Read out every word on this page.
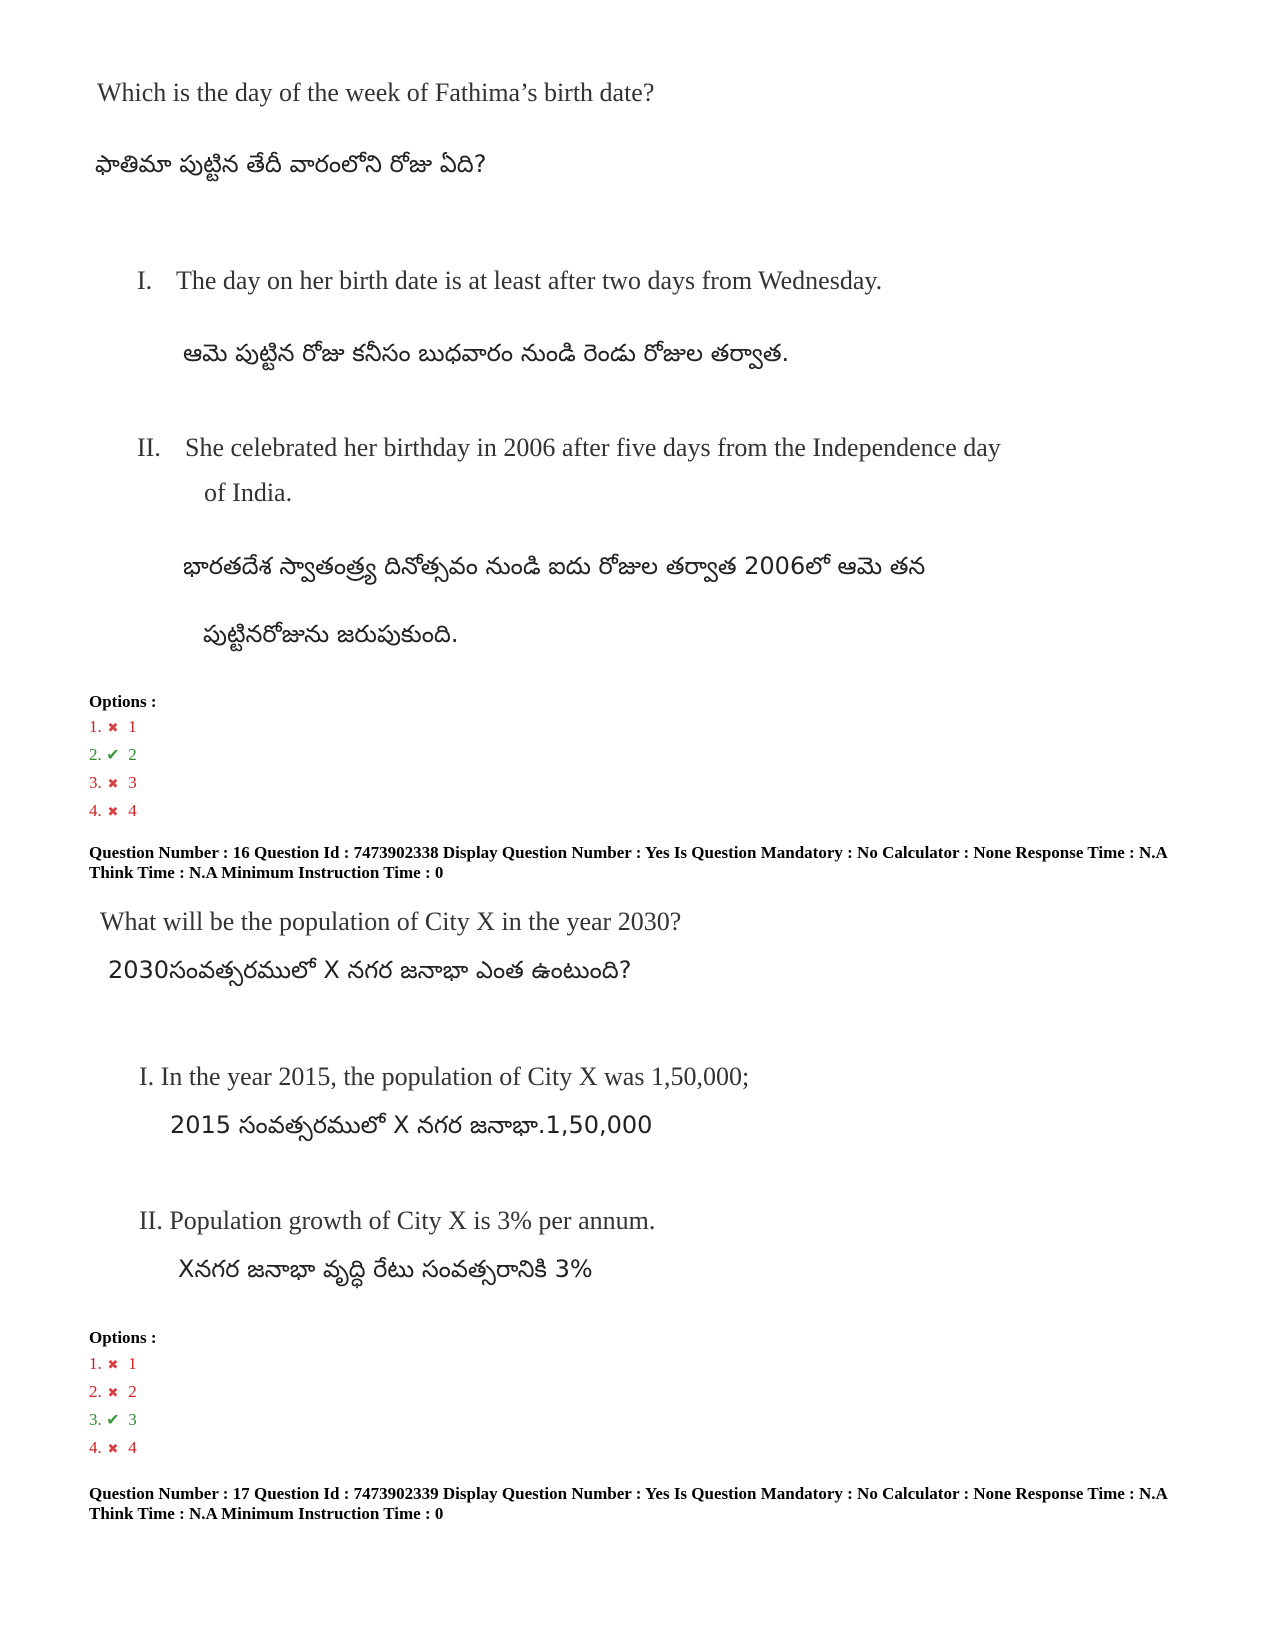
Which is the day of the week of Fathima’s birth date?
ఫాతిమా పుట్టిన తేదీ వారంలోని రోజు ఏది?
I. The day on her birth date is at least after two days from Wednesday.
ఆమె పుట్టిన రోజు కనీసం బుధవారం నుండి రెండు రోజుల తర్వాత.
II. She celebrated her birthday in 2006 after five days from the Independence day
of India.
భారతదేశ స్వాతంత్ర్య దినోత్సవం నుండి ఐదు రోజుల తర్వాత 2006లో ఆమె తన
పుట్టినరోజును జరుపుకుంది.
Options :
1. ✖ 1
2. ✔ 2
3. ✖ 3
4. ✖ 4
Question Number : 16 Question Id : 7473902338 Display Question Number : Yes Is Question Mandatory : No Calculator : None Response Time : N.A Think Time : N.A Minimum Instruction Time : 0
What will be the population of City X in the year 2030?
2030సంవత్సరములో X నగర జనాభా ఎంత ఉంటుంది?
I. In the year 2015, the population of City X was 1,50,000;
2015 సంవత్సరములో X నగర జనాభా.1,50,000
II. Population growth of City X is 3% per annum.
Xనగర జనాభా వృద్ధి రేటు సంవత్సరానికి 3%
Options :
1. ✖ 1
2. ✖ 2
3. ✔ 3
4. ✖ 4
Question Number : 17 Question Id : 7473902339 Display Question Number : Yes Is Question Mandatory : No Calculator : None Response Time : N.A Think Time : N.A Minimum Instruction Time : 0
